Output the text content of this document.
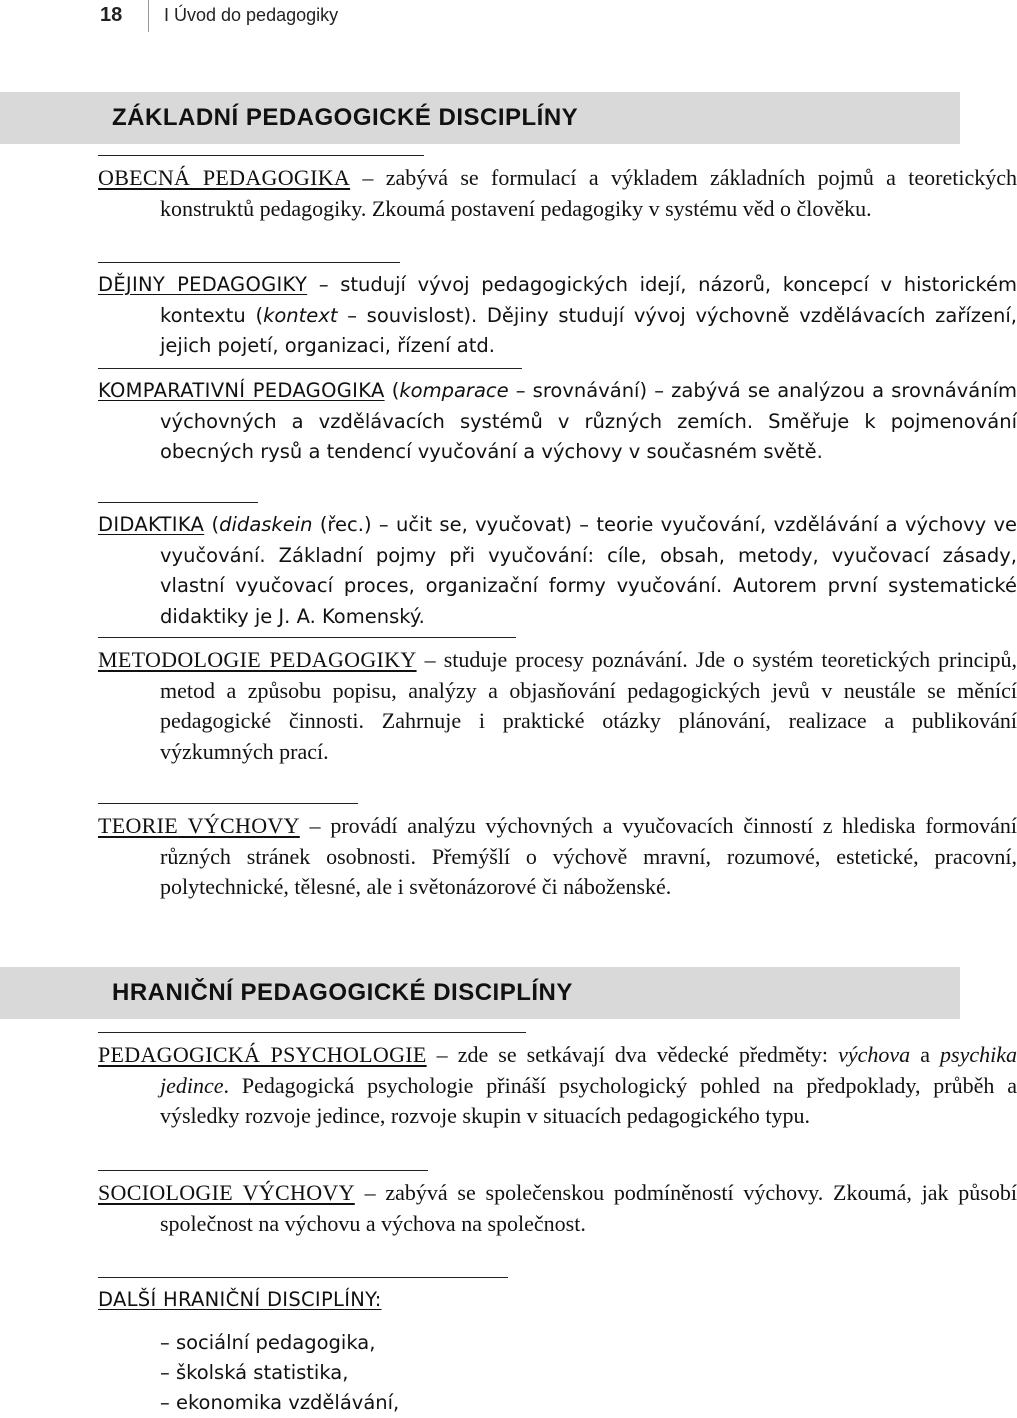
18 I Úvod do pedagogiky
ZÁKLADNÍ PEDAGOGICKÉ DISCIPLÍNY
OBECNÁ PEDAGOGIKA – zabývá se formulací a výkladem základních pojmů a teoretických konstruktů pedagogiky. Zkoumá postavení pedagogiky v systému věd o člověku.
DĚJINY PEDAGOGIKY – studují vývoj pedagogických idejí, názorů, koncepcí v historickém kontextu (kontext – souvislost). Dějiny studují vývoj výchovně vzdělávacích zařízení, jejich pojetí, organizaci, řízení atd.
KOMPARATIVNÍ PEDAGOGIKA (komparace – srovnávání) – zabývá se analýzou a srovnáváním výchovných a vzdělávacích systémů v různých zemích. Směřuje k pojmenování obecných rysů a tendencí vyučování a výchovy v současném světě.
DIDAKTIKA (didaskein (řec.) – učit se, vyučovat) – teorie vyučování, vzdělávání a výchovy ve vyučování. Základní pojmy při vyučování: cíle, obsah, metody, vyučovací zásady, vlastní vyučovací proces, organizační formy vyučování. Autorem první systematické didaktiky je J. A. Komenský.
METODOLOGIE PEDAGOGIKY – studuje procesy poznávání. Jde o systém teoretických principů, metod a způsobu popisu, analýzy a objasňování pedagogických jevů v neustále se měnící pedagogické činnosti. Zahrnuje i praktické otázky plánování, realizace a publikování výzkumných prací.
TEORIE VÝCHOVY – provádí analýzu výchovných a vyučovacích činností z hlediska formování různých stránek osobnosti. Přemýšlí o výchově mravní, rozumové, estetické, pracovní, polytechnické, tělesné, ale i světonázorové či náboženské.
HRANIČNÍ PEDAGOGICKÉ DISCIPLÍNY
PEDAGOGICKÁ PSYCHOLOGIE – zde se setkávají dva vědecké předměty: výchova a psychika jedince. Pedagogická psychologie přináší psychologický pohled na předpoklady, průběh a výsledky rozvoje jedince, rozvoje skupin v situacích pedagogického typu.
SOCIOLOGIE VÝCHOVY – zabývá se společenskou podmíněností výchovy. Zkoumá, jak působí společnost na výchovu a výchova na společnost.
DALŠÍ HRANIČNÍ DISCIPLÍNY:
– sociální pedagogika,
– školská statistika,
– ekonomika vzdělávání,
